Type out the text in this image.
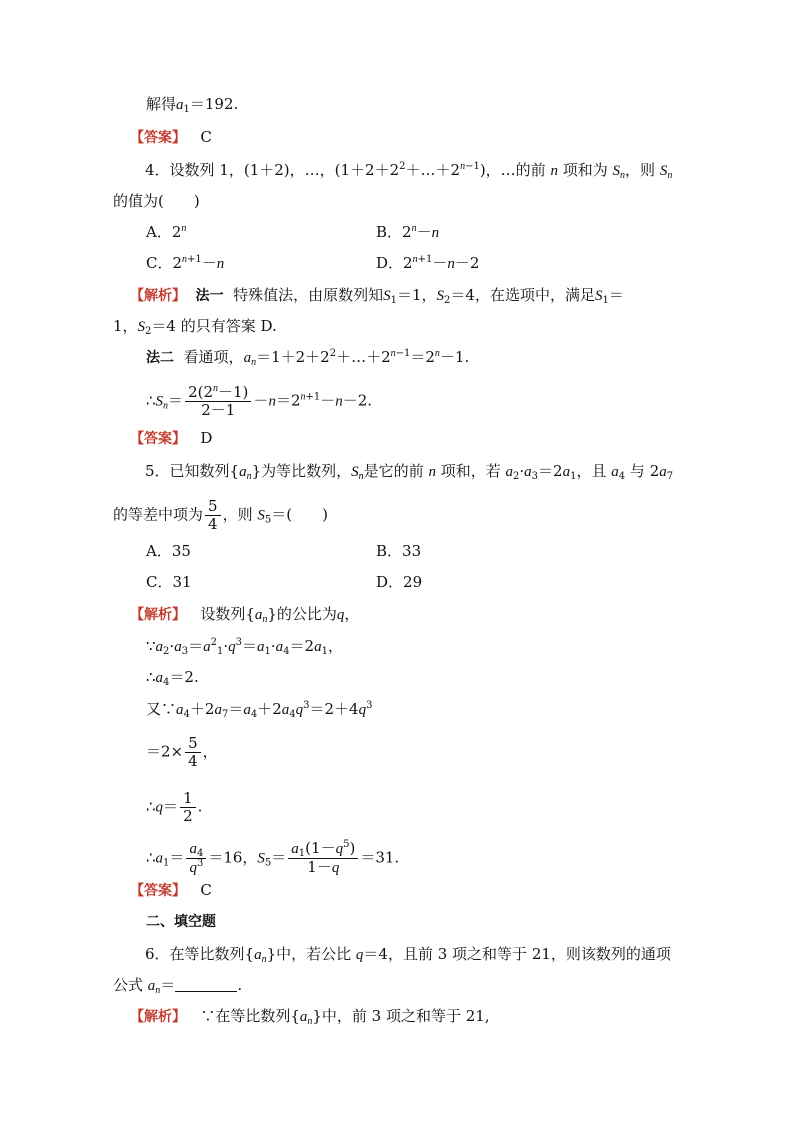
解得$a_1=192$.
【答案】 C
4．设数列 1，(1＋2)，…，$(1+2+2^2+\dots+2^{n-1})$，…的前 n 项和为 $S_n$，则 $S_n$
的值为(　　)
A．2$^n$	B．$2^n-n$
C．$2^{n+1}-n$	D．$2^{n+1}-n-2$
【解析】 法一 特殊值法，由原数列知$S_1=1$，$S_2=4$，在选项中，满足$S_1=$
1，$S_2=4$ 的只有答案 D.
法二 看通项，$a_n=1+2+2^2+\dots+2^{n-1}=2^n-1$.
$\therefore S_n= \frac{2(2^n-1)}{2-1} -n=2^{n+1}-n-2$.
【答案】 D
5．已知数列$\{a_n\}$为等比数列，$S_n$是它的前 n 项和，若 $a_2\cdot a_3=2a_1$，且 $a_4$ 与 $2a_7$
的等差中项为 $\frac{5}{4}$ ，则 $S_5=$(　　)
A．35	B．33
C．31	D．29
【解析】 设数列$\{a_n\}$的公比为q，
$\because a_2\cdot a_3=a^2_1\cdot q^3=a_1\cdot a_4=2a_1$，
$\therefore a_4=2$.
又$\because a_4+2a_7=a_4+2a_4q^3=2+4q^3$
$=2\times \frac{5}{4}$ ，
∴q＝ $\frac{1}{2}$ .
$\therefore a_1= \frac{a_4}{q^3} =16$，$S_5= \frac{a_1(1-q^5)}{1-q} =31$.
【答案】 C
二、填空题
6．在等比数列$\{a_n\}$中，若公比 q＝4，且前 3 项之和等于 21，则该数列的通项
公式 $a_n=$	.
【解析】 ∵在等比数列$\{a_n\}$中，前 3 项之和等于 21,
